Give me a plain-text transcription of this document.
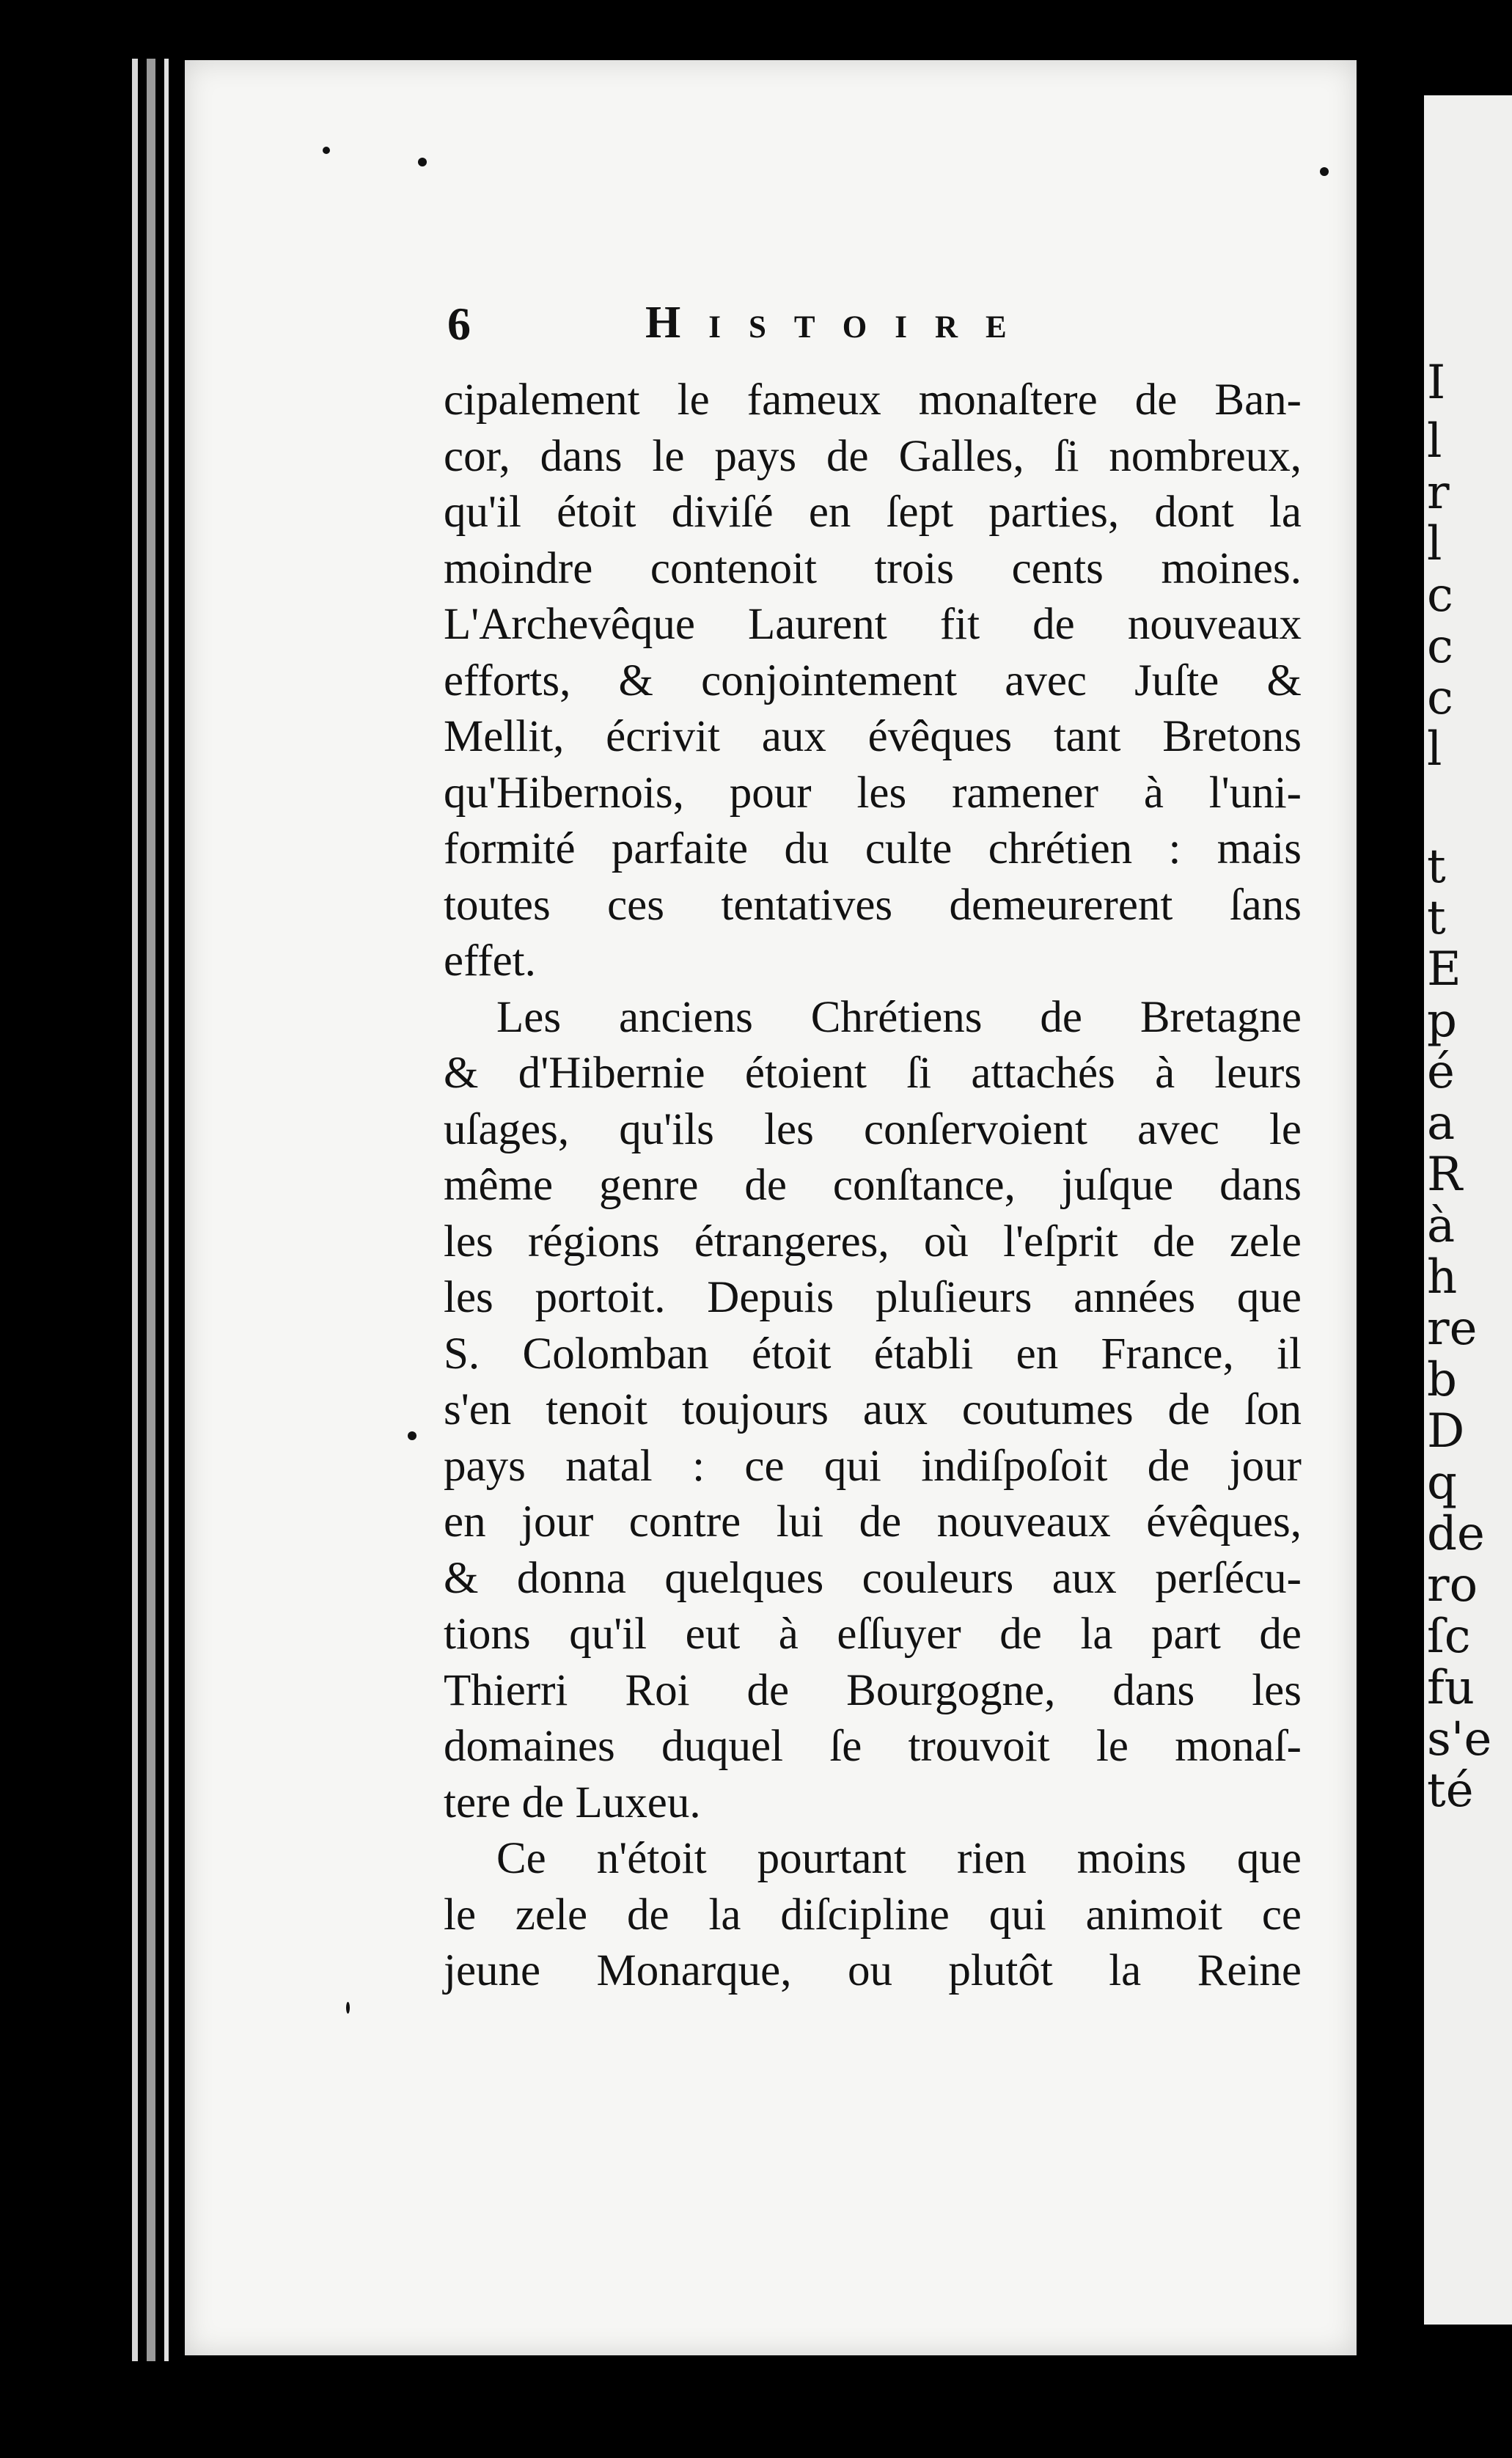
I
l
r
l
c
c
c
l
t
t
E
p
é
a
R
à
h
re
b
D
q
de
ro
ſc
fu
s'e
té
6	Histoire
cipalement le fameux monaſtere de Ban-
cor, dans le pays de Galles, ſi nombreux,
qu'il étoit diviſé en ſept parties, dont la
moindre contenoit trois cents moines.
L'Archevêque Laurent fit de nouveaux
efforts, & conjointement avec Juſte &
Mellit, écrivit aux évêques tant Bretons
qu'Hibernois, pour les ramener à l'uni-
formité parfaite du culte chrétien : mais
toutes ces tentatives demeurerent ſans
effet.
Les anciens Chrétiens de Bretagne
& d'Hibernie étoient ſi attachés à leurs
uſages, qu'ils les conſervoient avec le
même genre de conſtance, juſque dans
les régions étrangeres, où l'eſprit de zele
les portoit. Depuis pluſieurs années que
S. Colomban étoit établi en France, il
s'en tenoit toujours aux coutumes de ſon
pays natal : ce qui indiſpoſoit de jour
en jour contre lui de nouveaux évêques,
& donna quelques couleurs aux perſécu-
tions qu'il eut à eſſuyer de la part de
Thierri Roi de Bourgogne, dans les
domaines duquel ſe trouvoit le monaſ-
tere de Luxeu.
Ce n'étoit pourtant rien moins que
le zele de la diſcipline qui animoit ce
jeune Monarque, ou plutôt la Reine
